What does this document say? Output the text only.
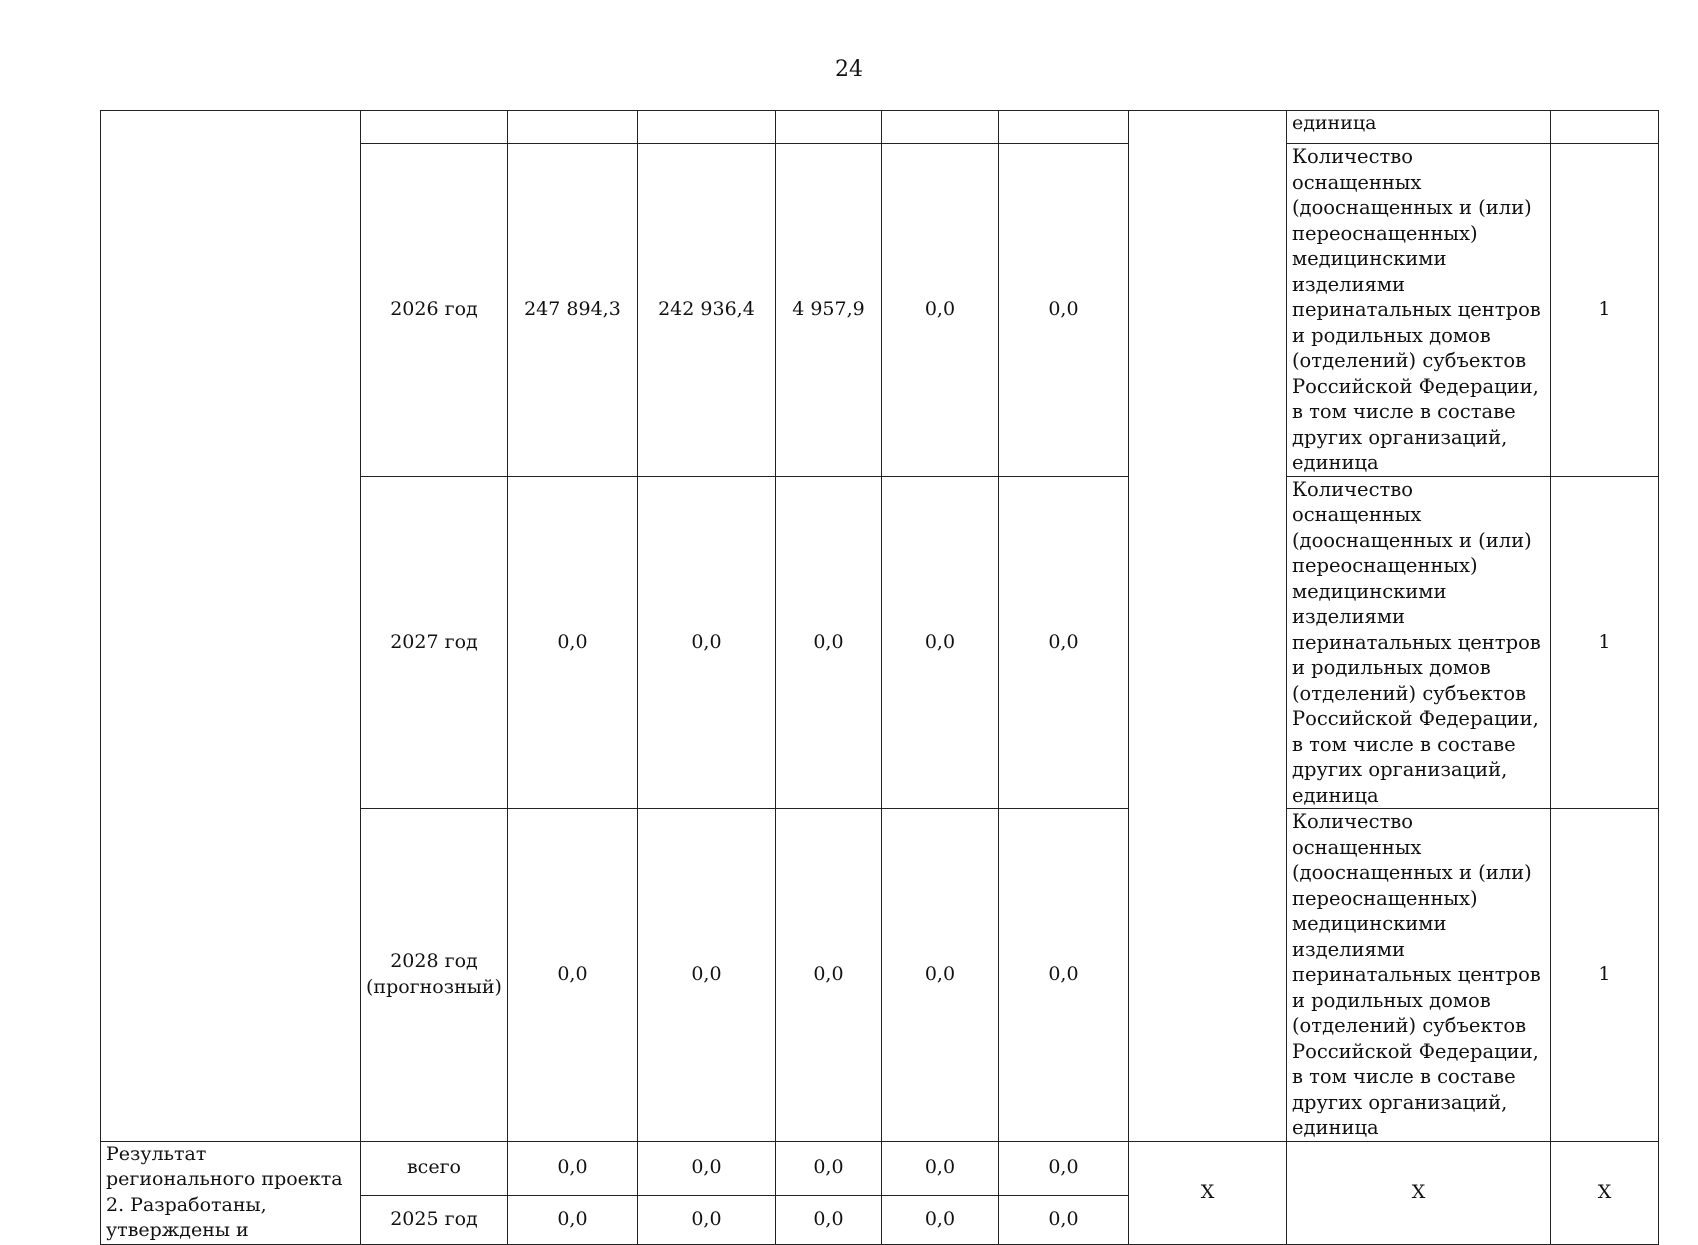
24
								единица	
	2026 год	247 894,3	242 936,4	4 957,9	0,0	0,0		Количество оснащенных (дооснащенных и (или) переоснащенных) медицинскими изделиями перинатальных центров и родильных домов (отделений) субъектов Российской Федерации, в том числе в составе других организаций, единица	1
	2027 год	0,0	0,0	0,0	0,0	0,0		Количество оснащенных (дооснащенных и (или) переоснащенных) медицинскими изделиями перинатальных центров и родильных домов (отделений) субъектов Российской Федерации, в том числе в составе других организаций, единица	1
	2028 год (прогнозный)	0,0	0,0	0,0	0,0	0,0		Количество оснащенных (дооснащенных и (или) переоснащенных) медицинскими изделиями перинатальных центров и родильных домов (отделений) субъектов Российской Федерации, в том числе в составе других организаций, единица	1
Результат регионального проекта 2. Разработаны, утверждены и	всего	0,0	0,0	0,0	0,0	0,0	Х	Х	Х
	2025 год	0,0	0,0	0,0	0,0	0,0			
